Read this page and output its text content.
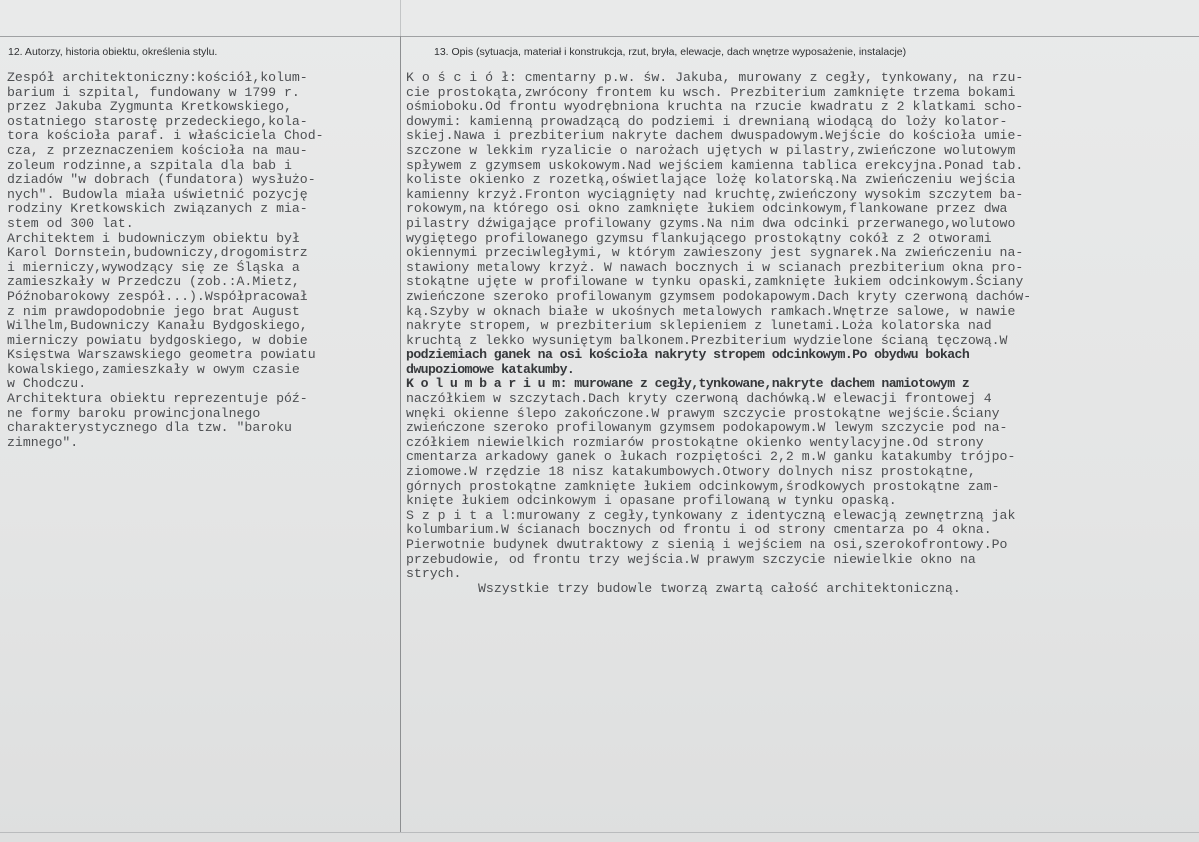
12. Autorzy, historia obiektu, określenia stylu.	13. Opis (sytuacja, materiał i konstrukcja, rzut, bryła, elewacje, dach wnętrze wyposażenie, instalacje)
Zespół architektoniczny:kościół,kolum-
barium i szpital, fundowany w 1799 r.
przez Jakuba Zygmunta Kretkowskiego,
ostatniego starostę przedeckiego,kola-
tora kościoła paraf. i właściciela Chod-
cza, z przeznaczeniem kościoła na mau-
zoleum rodzinne,a szpitala dla bab i
dziadów "w dobrach (fundatora) wysłużo-
nych". Budowla miała uświetnić pozycję
rodziny Kretkowskich związanych z mia-
stem od 300 lat.
Architektem i budowniczym obiektu był
Karol Dornstein,budowniczy,drogomistrz
i mierniczy,wywodzący się ze Śląska a
zamieszkały w Przedczu (zob.:A.Mietz,
Późnobarokowy zespół...).Współpracował
z nim prawdopodobnie jego brat August
Wilhelm,Budowniczy Kanału Bydgoskiego,
mierniczy powiatu bydgoskiego, w dobie
Księstwa Warszawskiego geometra powiatu
kowalskiego,zamieszkały w owym czasie
w Chodczu.
Architektura obiektu reprezentuje póź-
ne formy baroku prowincjonalnego
charakterystycznego dla tzw. "baroku
zimnego".
K o ś c i ó ł: cmentarny p.w. św. Jakuba, murowany z cegły, tynkowany, na rzu-
cie prostokąta,zwrócony frontem ku wsch. Prezbiterium zamknięte trzema bokami
ośmioboku.Od frontu wyodrębniona kruchta na rzucie kwadratu z 2 klatkami scho-
dowymi: kamienną prowadzącą do podziemi i drewnianą wiodącą do loży kolator-
skiej.Nawa i prezbiterium nakryte dachem dwuspadowym.Wejście do kościoła umie-
szczone w lekkim ryzalicie o narożach ujętych w pilastry,zwieńczone wolutowym
spływem z gzymsem uskokowym.Nad wejściem kamienna tablica erekcyjna.Ponad tab.
koliste okienko z rozetką,oświetlające lożę kolatorską.Na zwieńczeniu wejścia
kamienny krzyż.Fronton wyciągnięty nad kruchtę,zwieńczony wysokim szczytem ba-
rokowym,na którego osi okno zamknięte łukiem odcinkowym,flankowane przez dwa
pilastry dźwigające profilowany gzyms.Na nim dwa odcinki przerwanego,wolutowo
wygiętego profilowanego gzymsu flankującego prostokątny cokół z 2 otworami
okiennymi przeciwległymi, w którym zawieszony jest sygnarek.Na zwieńczeniu na-
stawiony metalowy krzyż. W nawach bocznych i w scianach prezbiterium okna pro-
stokątne ujęte w profilowane w tynku opaski,zamknięte łukiem odcinkowym.Ściany
zwieńczone szeroko profilowanym gzymsem podokapowym.Dach kryty czerwoną dachów-
ką.Szyby w oknach białe w ukośnych metalowych ramkach.Wnętrze salowe, w nawie
nakryte stropem, w prezbiterium sklepieniem z lunetami.Loża kolatorska nad
kruchtą z lekko wysuniętym balkonem.Prezbiterium wydzielone ścianą tęczową.W
podziemiach ganek na osi kościoła nakryty stropem odcinkowym.Po obydwu bokach
dwupoziomowe katakumby.
K o l u m b a r i u m: murowane z cegły,tynkowane,nakryte dachem namiotowym z
naczółkiem w szczytach.Dach kryty czerwoną dachówką.W elewacji frontowej 4
wnęki okienne ślepo zakończone.W prawym szczycie prostokątne wejście.Ściany
zwieńczone szeroko profilowanym gzymsem podokapowym.W lewym szczycie pod na-
czółkiem niewielkich rozmiarów prostokątne okienko wentylacyjne.Od strony
cmentarza arkadowy ganek o łukach rozpiętości 2,2 m.W ganku katakumby trójpo-
ziomowe.W rzędzie 18 nisz katakumbowych.Otwory dolnych nisz prostokątne,
górnych prostokątne zamknięte łukiem odcinkowym,środkowych prostokątne zam-
knięte łukiem odcinkowym i opasane profilowaną w tynku opaską.
S z p i t a l:murowany z cegły,tynkowany z identyczną elewacją zewnętrzną jak
kolumbarium.W ścianach bocznych od frontu i od strony cmentarza po 4 okna.
Pierwotnie budynek dwutraktowy z sienią i wejściem na osi,szerokofrontowy.Po
przebudowie, od frontu trzy wejścia.W prawym szczycie niewielkie okno na
strych.
Wszystkie trzy budowle tworzą zwartą całość architektoniczną.
